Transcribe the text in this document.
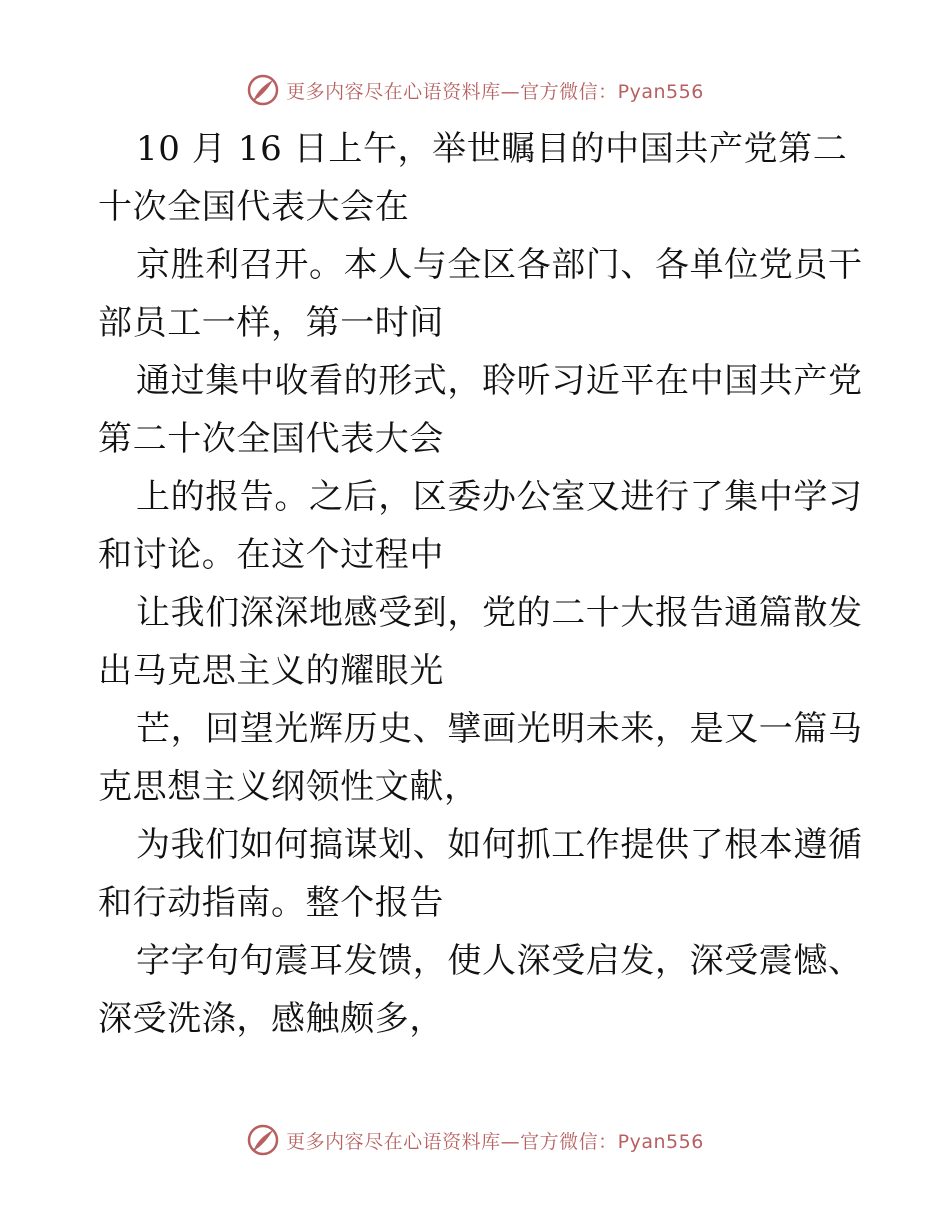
更多内容尽在心语资料库—官方微信：Pyan556
10 月 16 日上午，举世瞩目的中国共产党第二
十次全国代表大会在
京胜利召开。本人与全区各部门、各单位党员干
部员工一样，第一时间
通过集中收看的形式，聆听习近平在中国共产党
第二十次全国代表大会
上的报告。之后，区委办公室又进行了集中学习
和讨论。在这个过程中
让我们深深地感受到，党的二十大报告通篇散发
出马克思主义的耀眼光
芒，回望光辉历史、擘画光明未来，是又一篇马
克思想主义纲领性文献，
为我们如何搞谋划、如何抓工作提供了根本遵循
和行动指南。整个报告
字字句句震耳发馈，使人深受启发，深受震憾、
深受洗涤，感触颇多，
更多内容尽在心语资料库—官方微信：Pyan556
